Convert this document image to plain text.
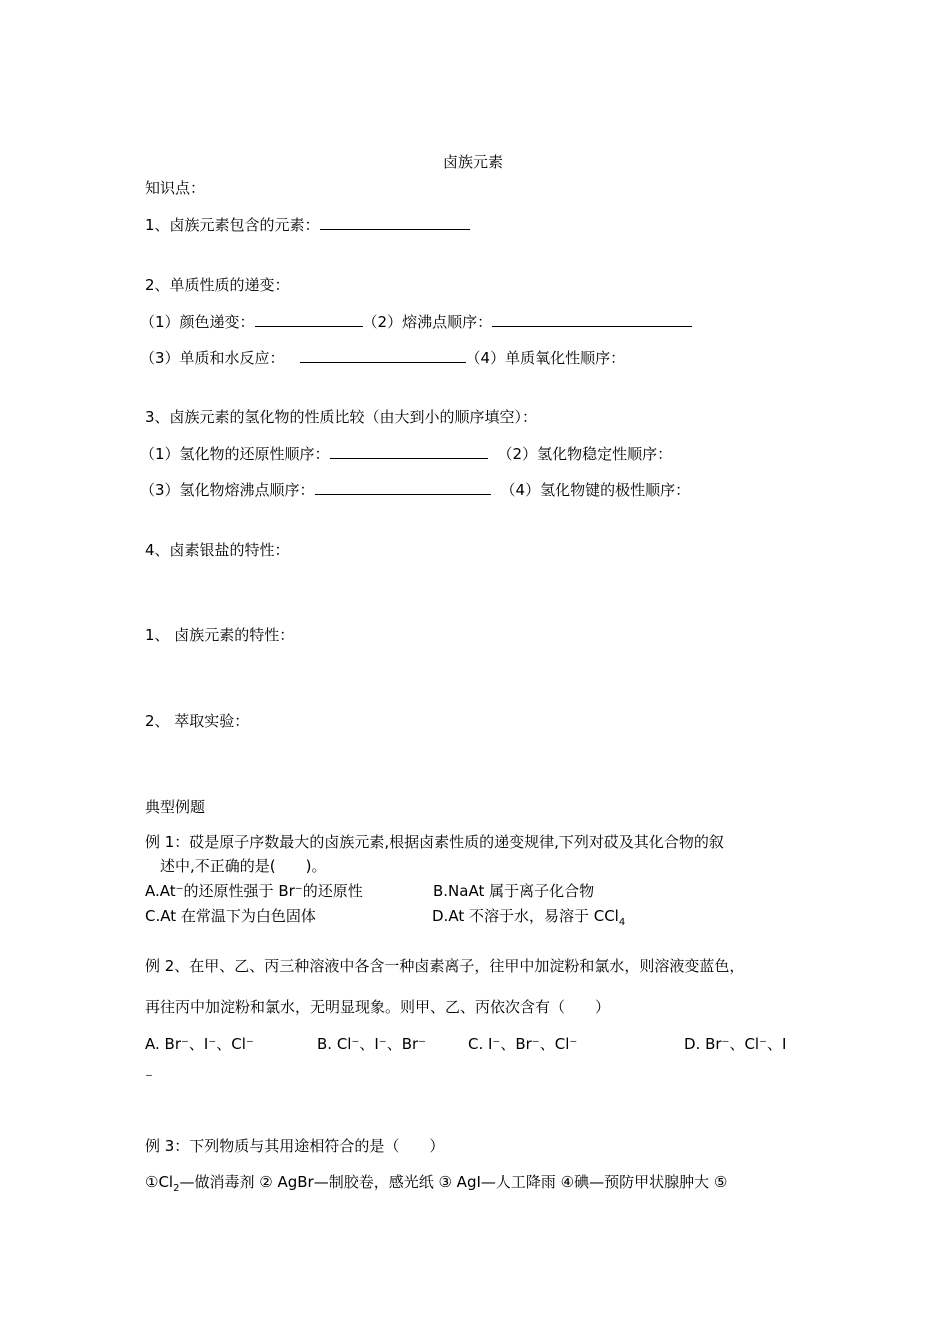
卤族元素
知识点：
1、卤族元素包含的元素：
2、单质性质的递变：
（1）颜色递变：	（2）熔沸点顺序：
（3）单质和水反应：	（4）单质氧化性顺序：
3、卤族元素的氢化物的性质比较（由大到小的顺序填空）：
（1）氢化物的还原性顺序：	（2）氢化物稳定性顺序：
（3）氢化物熔沸点顺序：	（4）氢化物键的极性顺序：
4、卤素银盐的特性：
1、 卤族元素的特性：
2、 萃取实验：
典型例题
例 1：砹是原子序数最大的卤族元素,根据卤素性质的递变规律,下列对砹及其化合物的叙
述中,不正确的是(　　)。
A.At⁻的还原性强于 Br⁻的还原性	B.NaAt 属于离子化合物
C.At 在常温下为白色固体	D.At 不溶于水，易溶于 CCl$_4$
例 2、在甲、乙、丙三种溶液中各含一种卤素离子，往甲中加淀粉和氯水，则溶液变蓝色，
再往丙中加淀粉和氯水，无明显现象。则甲、乙、丙依次含有（　　）
A. Br⁻、I⁻、Cl⁻	B. Cl⁻、I⁻、Br⁻	C. I⁻、Br⁻、Cl⁻	D. Br⁻、Cl⁻、I
⁻
例 3：下列物质与其用途相符合的是（　　）
$①Cl_2—$做消毒剂 ② AgBr—制胶卷，感光纸 ③ AgI—人工降雨 ④碘—预防甲状腺肿大 ⑤
